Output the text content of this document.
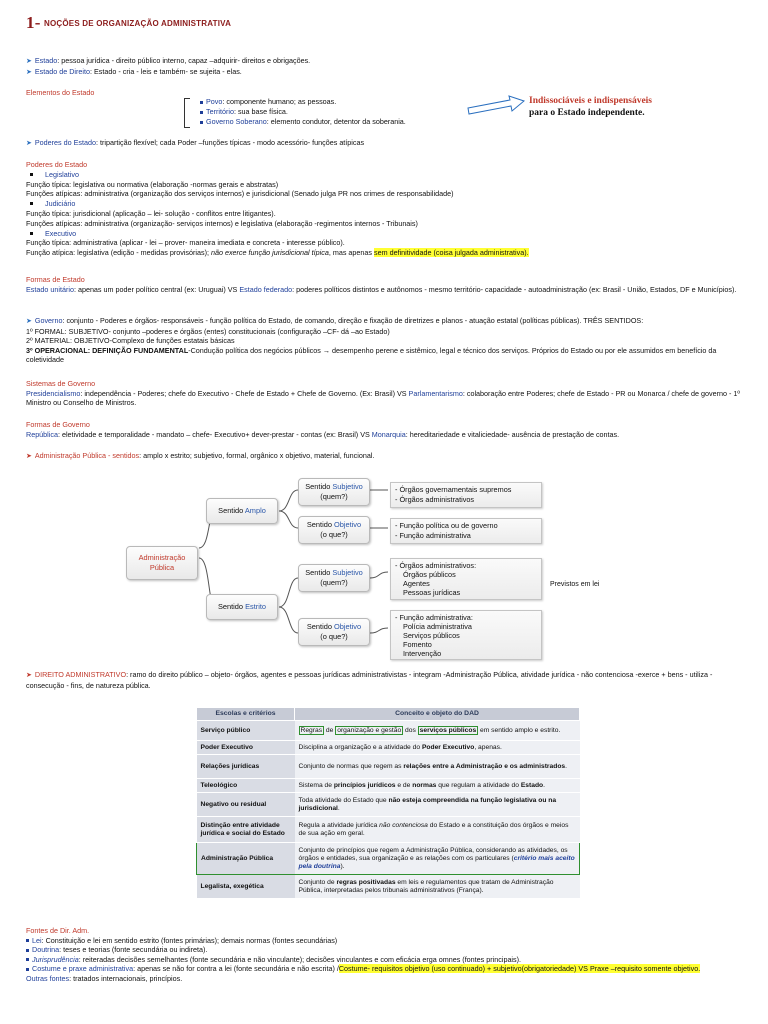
1- NOÇÕES DE ORGANIZAÇÃO ADMINISTRATIVA

➤ Estado: pessoa jurídica - direito público interno, capaz –adquirir- direitos e obrigações.

➤ Estado de Direito: Estado - cria - leis e também- se sujeita - elas.

Elementos do Estado

Povo: componente humano; as pessoas.

Território: sua base física.

Governo Soberano: elemento condutor, detentor da soberania.

Indissociáveis e indispensáveis
para o Estado independente.

➤ Poderes do Estado: tripartição flexível; cada Poder –funções típicas - modo acessório- funções atípicas

Poderes do Estado

Legislativo

Função típica: legislativa ou normativa (elaboração -normas gerais e abstratas)

Funções atípicas: administrativa (organização dos serviços internos) e jurisdicional (Senado julga PR nos crimes de responsabilidade)

Judiciário

Função típica: jurisdicional (aplicação – lei- solução - conflitos entre litigantes).

Funções atípicas: administrativa (organização- serviços internos) e legislativa (elaboração -regimentos internos - Tribunais)

Executivo

Função típica: administrativa (aplicar - lei – prover- maneira imediata e concreta - interesse público).

Função atípica: legislativa (edição - medidas provisórias); não exerce função jurisdicional típica, mas apenas sem definitividade (coisa julgada administrativa).

Formas de Estado

Estado unitário: apenas um poder político central (ex: Uruguai) VS Estado federado: poderes políticos distintos e autônomos - mesmo território- capacidade - autoadministração (ex: Brasil - União, Estados, DF e Municípios).

➤ Governo: conjunto - Poderes e órgãos- responsáveis - função política do Estado, de comando, direção e fixação de diretrizes e planos - atuação estatal (políticas públicas). TRÊS SENTIDOS:

1º FORMAL: SUBJETIVO- conjunto –poderes e órgãos (entes) constitucionais (configuração –CF- dá –ao Estado)

2º MATERIAL: OBJETIVO-Complexo de funções estatais básicas

3º OPERACIONAL: DEFINIÇÃO FUNDAMENTAL-Condução política dos negócios públicos → desempenho perene e sistêmico, legal e técnico dos serviços. Próprios do Estado ou por ele assumidos em benefício da coletividade

Sistemas de Governo

Presidencialismo: independência - Poderes; chefe do Executivo - Chefe de Estado + Chefe de Governo. (Ex: Brasil) VS Parlamentarismo: colaboração entre Poderes; chefe de Estado - PR ou Monarca / chefe de governo - 1º Ministro ou Conselho de Ministros.

Formas de Governo

República: eletividade e temporalidade - mandato – chefe- Executivo+ dever-prestar - contas (ex: Brasil) VS Monarquia: hereditariedade e vitaliciedade- ausência de prestação de contas.

➤ Administração Pública - sentidos: amplo x estrito; subjetivo, formal, orgânico x objetivo, material, funcional.

Administração Pública
Sentido Amplo
Sentido Estrito
Sentido Subjetivo
(quem?)
Sentido Objetivo
(o que?)
Sentido Subjetivo
(quem?)
Sentido Objetivo
(o que?)
- Órgãos governamentais supremos
- Órgãos administrativos
- Função política ou de governo
- Função administrativa
- Órgãos administrativos:
Órgãos públicos
Agentes
Pessoas jurídicas
- Função administrativa:
Polícia administrativa
Serviços públicos
Fomento
Intervenção
Previstos em lei

➤ DIREITO ADMINISTRATIVO: ramo do direito público – objeto- órgãos, agentes e pessoas jurídicas administrativistas - integram -Administração Pública, atividade jurídica - não contenciosa -exerce + bens - utiliza - consecução - fins, de natureza pública.

Escolas e critérios	Conceito e objeto do DAD
Serviço público	Regras de organização e gestão dos serviços públicos em sentido amplo e estrito.
Poder Executivo	Disciplina a organização e a atividade do Poder Executivo, apenas.
Relações jurídicas	Conjunto de normas que regem as relações entre a Administração e os administrados.
Teleológico	Sistema de princípios jurídicos e de normas que regulam a atividade do Estado.
Negativo ou residual	Toda atividade do Estado que não esteja compreendida na função legislativa ou na jurisdicional.
Distinção entre atividade jurídica e social do Estado	Regula a atividade jurídica não contenciosa do Estado e a constituição dos órgãos e meios de sua ação em geral.
Administração Pública	Conjunto de princípios que regem a Administração Pública, considerando as atividades, os órgãos e entidades, sua organização e as relações com os particulares (critério mais aceito pela doutrina).
Legalista, exegética	Conjunto de regras positivadas em leis e regulamentos que tratam de Administração Pública, interpretadas pelos tribunais administrativos (França).

Fontes de Dir. Adm.

Lei: Constituição e lei em sentido estrito (fontes primárias); demais normas (fontes secundárias)

Doutrina: teses e teorias (fonte secundária ou indireta).

Jurisprudência: reiteradas decisões semelhantes (fonte secundária e não vinculante); decisões vinculantes e com eficácia erga omnes (fontes principais).

Costume e praxe administrativa: apenas se não for contra a lei (fonte secundária e não escrita) /Costume- requisitos objetivo (uso continuado) + subjetivo(obrigatoriedade) VS Praxe –requisito somente objetivo.

Outras fontes: tratados internacionais, princípios.
